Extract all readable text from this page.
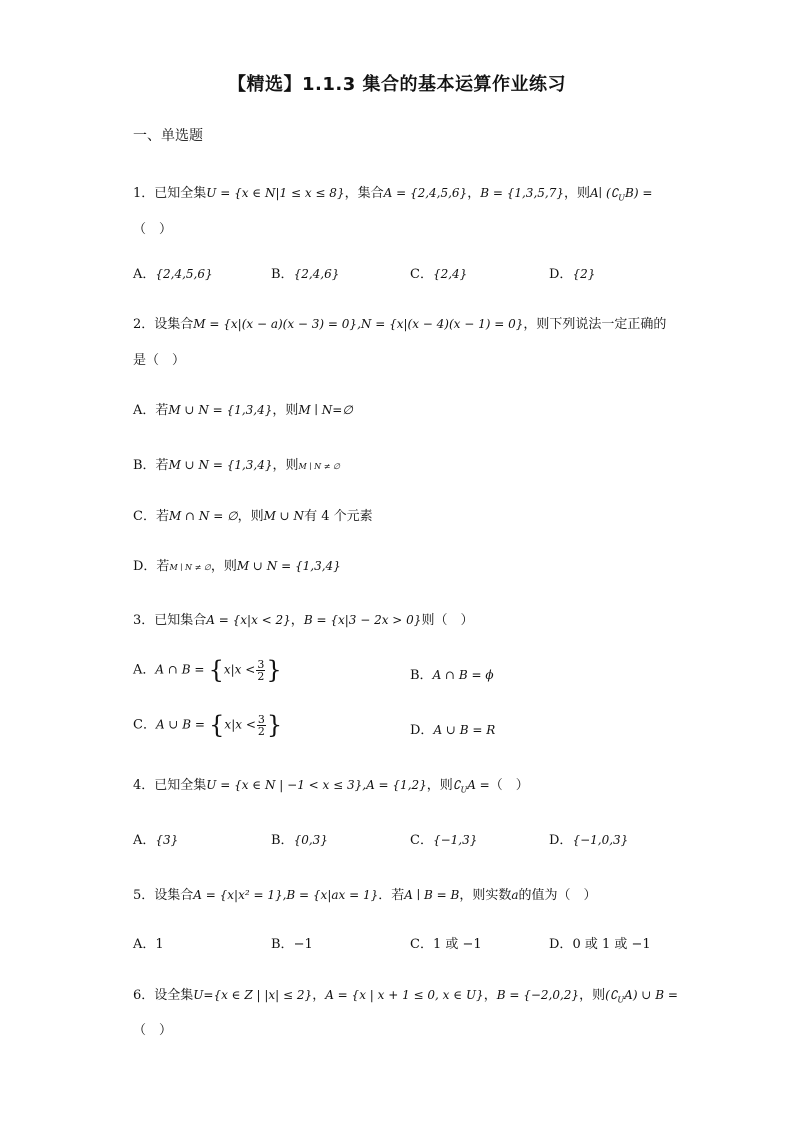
【精选】1.1.3 集合的基本运算作业练习
一、单选题
1．已知全集U = {x ∈ N|1 ≤ x ≤ 8}，集合A = {2,4,5,6}，B = {1,3,5,7}，则A∣ $(∁_UB)$ =
（　）
A．{2,4,5,6}	B．{2,4,6}	C．{2,4}	D．{2}
2．设集合M = {x|(x − a)(x − 3) = 0},N = {x|(x − 4)(x − 1) = 0}，则下列说法一定正确的
是（　）
A．若M ∪ N = {1,3,4}，则M ∣ N=∅
B．若M ∪ N = {1,3,4}，则M ∣ N ≠ ∅
C．若M ∩ N = ∅，则M ∪ N有 4 个元素
D．若M ∣ N ≠ ∅，则M ∪ N = {1,3,4}
3．已知集合A = {x|x < 2}，B = {x|3 − 2x > 0}则（　）
A．A ∩ $B = \{x|x < \frac{3}{2}$ }	B．A ∩ B = ϕ
C．A ∪ $B = \{x|x < \frac{3}{2}$ }	D．A ∪ B = R
4．已知全集U = {x ∈ N | −1 < x ≤ 3},A = {1,2}，则$∁_UA$ =（　）
A．{3}	B．{0,3}	C．{−1,3}	D．{−1,0,3}
5．设集合A = {x|x² = 1},B = {x|ax = 1}．若A ∣ B = B，则实数a的值为（　）
A．1	B．−1	C．1 或 −1	D．0 或 1 或 −1
6．设全集U={x ∈ Z | |x| ≤ 2}，A = {x | x + 1 ≤ 0, x ∈ U}，B = {−2,0,2}，则$(∁_UA)$ ∪ B =
（　）
